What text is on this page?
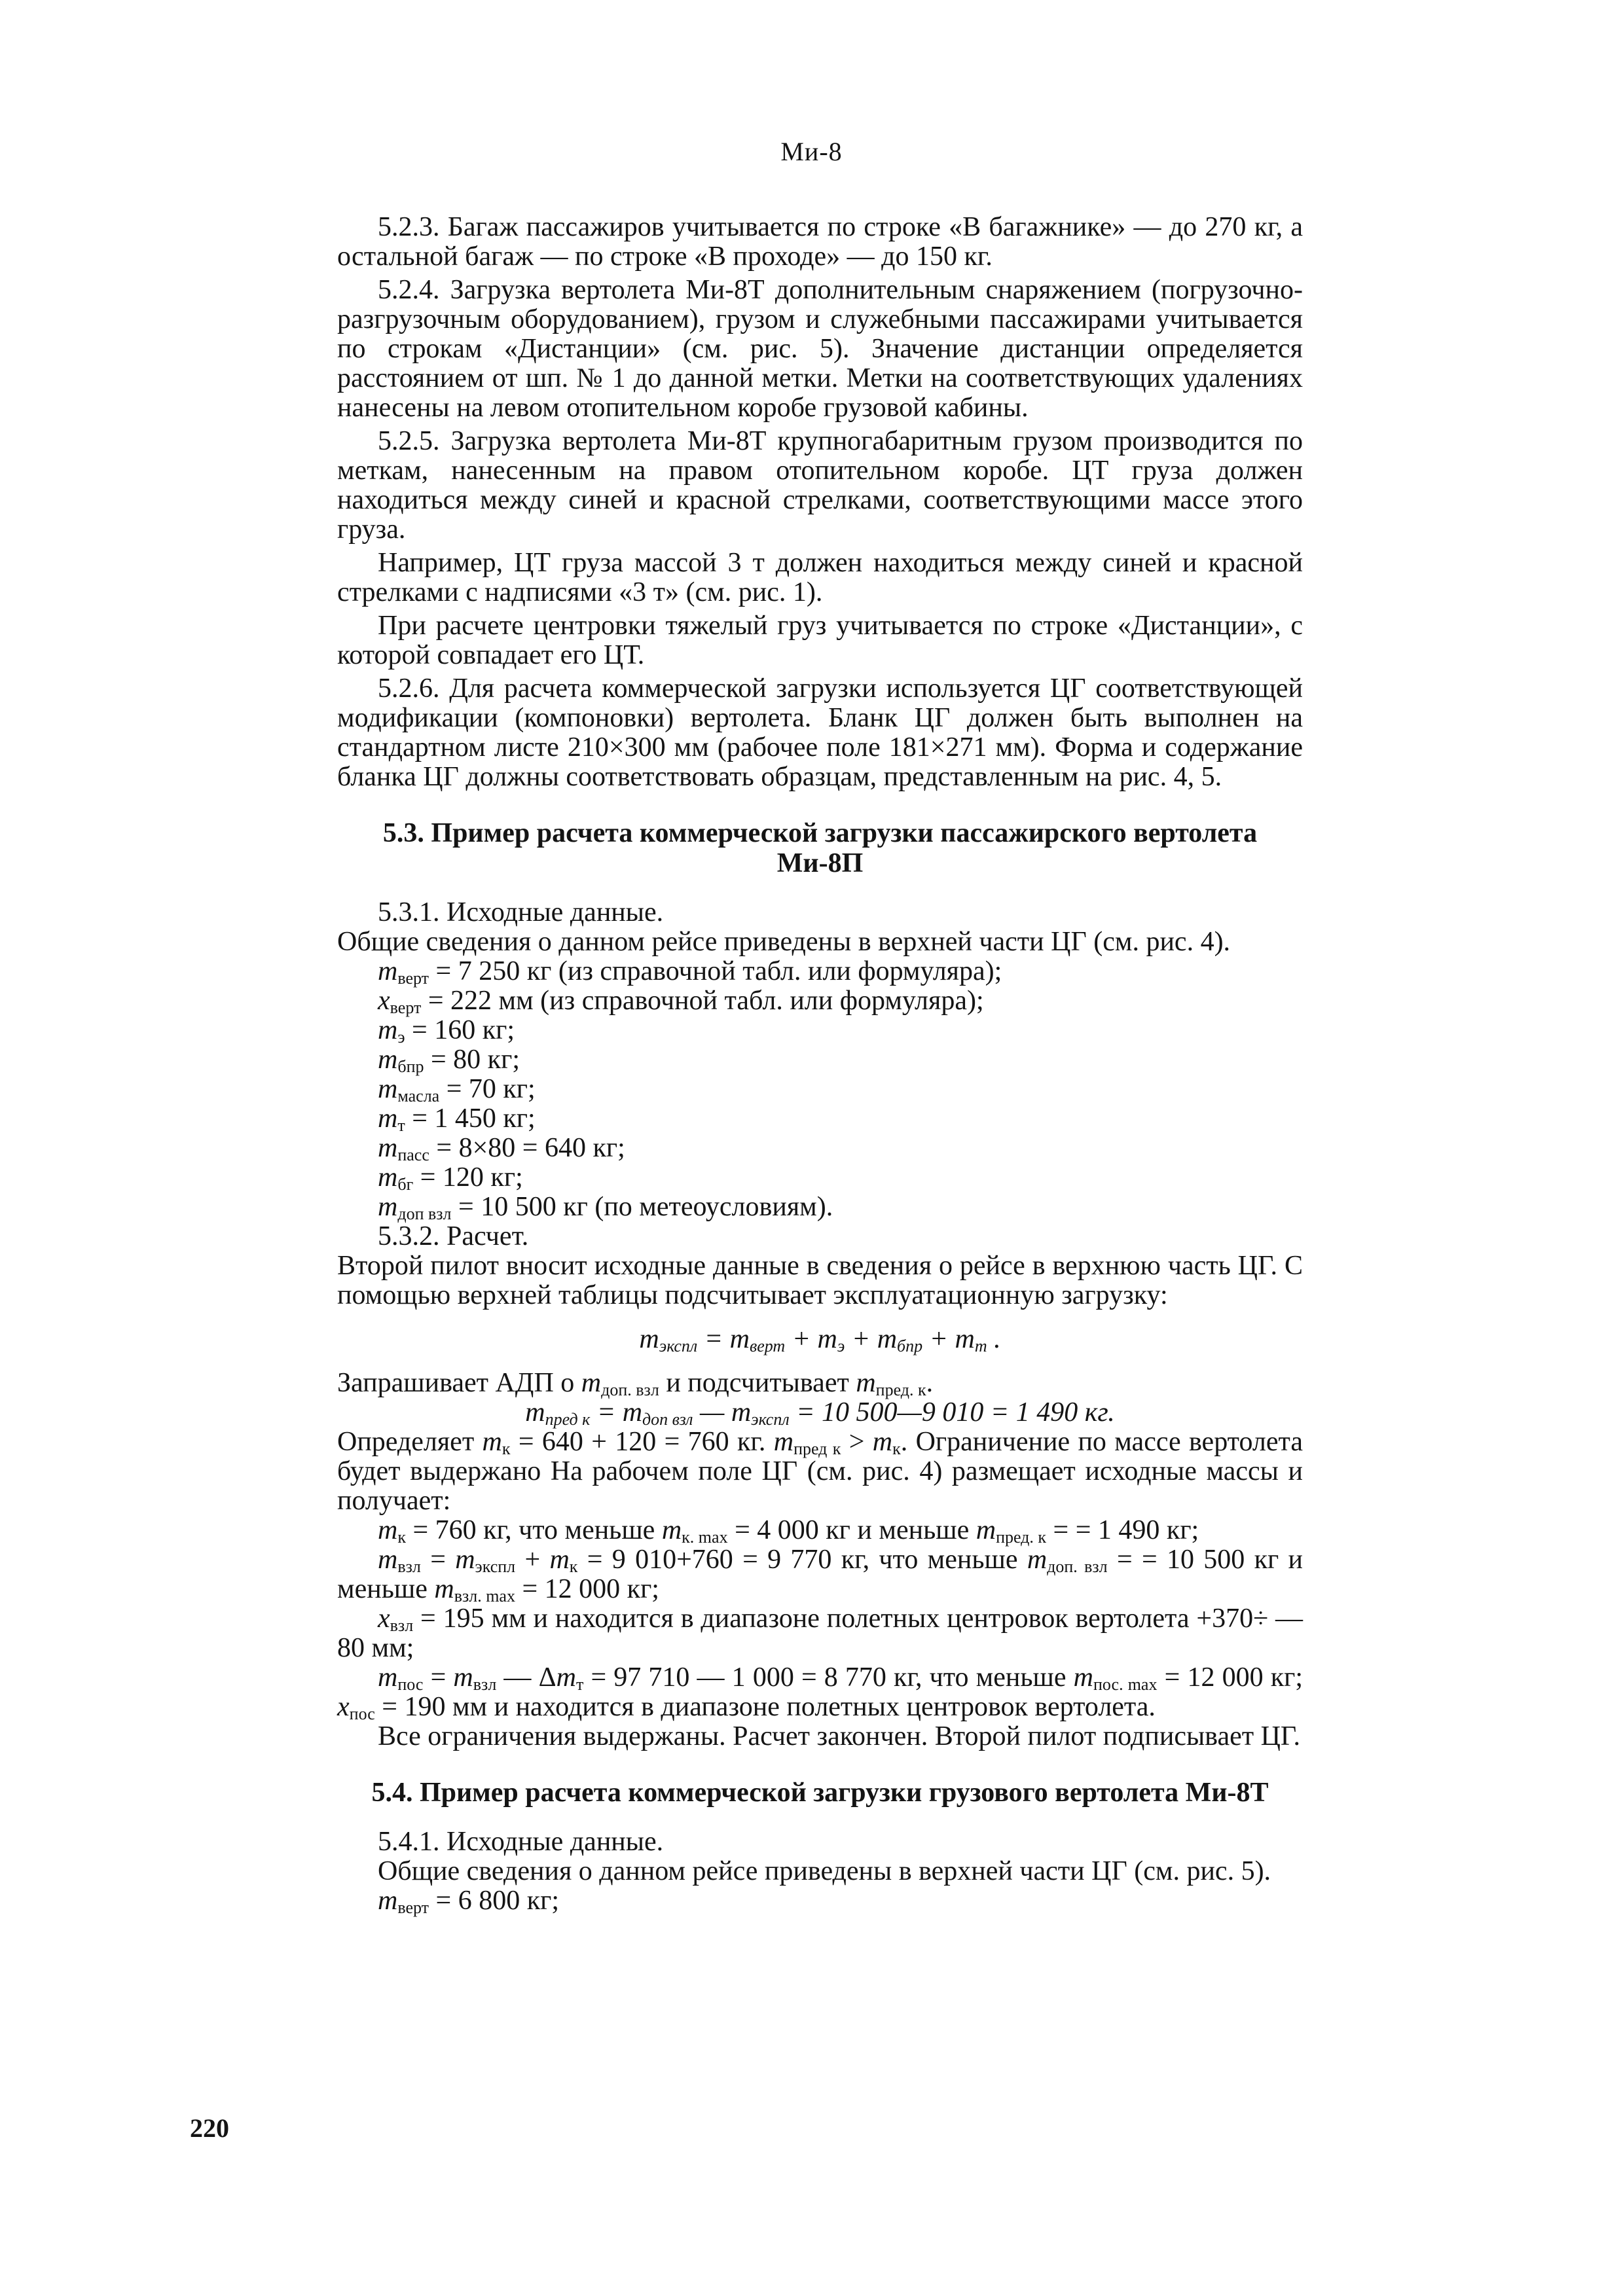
Ми-8

5.2.3. Багаж пассажиров учитывается по строке «В багажнике» — до 270 кг, а остальной багаж — по строке «В проходе» — до 150 кг.

5.2.4. Загрузка вертолета Ми-8Т дополнительным снаряжением (погрузочно-разгрузочным оборудованием), грузом и служебными пассажирами учитывается по строкам «Дистанции» (см. рис. 5). Значение дистанции определяется расстоянием от шп. № 1 до данной метки. Метки на соответствующих удалениях нанесены на левом отопительном коробе грузовой кабины.

5.2.5. Загрузка вертолета Ми-8Т крупногабаритным грузом производится по меткам, нанесенным на правом отопительном коробе. ЦТ груза должен находиться между синей и красной стрелками, соответствующими массе этого груза.

Например, ЦТ груза массой 3 т должен находиться между синей и красной стрелками с надписями «3 т» (см. рис. 1).

При расчете центровки тяжелый груз учитывается по строке «Дистанции», с которой совпадает его ЦТ.

5.2.6. Для расчета коммерческой загрузки используется ЦГ соответствующей модификации (компоновки) вертолета. Бланк ЦГ должен быть выполнен на стандартном листе 210×300 мм (рабочее поле 181×271 мм). Форма и содержание бланка ЦГ должны соответствовать образцам, представленным на рис. 4, 5.

5.3. Пример расчета коммерческой загрузки пассажирского вертолета Ми-8П

5.3.1. Исходные данные.

Общие сведения о данном рейсе приведены в верхней части ЦГ (см. рис. 4).

$m_{верт} = 7$ 250 кг (из справочной табл. или формуляра);

$x_{верт} = 222$ мм (из справочной табл. или формуляра);

$m_э = 160$ кг;

$m_{бпр} = 80$ кг;

$m_{масла} = 70$ кг;

$m_т = 1$ 450 кг;

$m_{пасс} = 8\times 80 = 640$ кг;

$m_{бг} = 120$ кг;

$m_{доп взл} = 10$ 500 кг (по метеоусловиям).

5.3.2. Расчет.

Второй пилот вносит исходные данные в сведения о рейсе в верхнюю часть ЦГ. С помощью верхней таблицы подсчитывает эксплуатационную загрузку:

$m_{экспл} = m_{верт} + m_э + m_{бпр} + m_т$ .

Запрашивает АДП о $m_{доп. взл}$ и подсчитывает $m_{пред. к}$.

$m_{пред к} = m_{доп взл}$ — $m_{экспл} = 10$ 500—9 010 = 1 490 кг.

Определяет $m_к = 640 + 120 = 760$ кг. $m_{пред к} > m_к$. Ограничение по массе вертолета будет выдержано На рабочем поле ЦГ (см. рис. 4) размещает исходные массы и получает:

$m_к = 760$ кг, что меньше $m_{к. max} = 4$ 000 кг и меньше $m_{пред. к}$ = = 1 490 кг;

$m_{взл} = m_{экспл} + m_к = 9$ 010+760 = 9 770 кг, что меньше $m_{доп. взл}$ = = 10 500 кг и меньше $m_{взл. max} = 12$ 000 кг;

$x_{взл} = 195$ мм и находится в диапазоне полетных центровок вертолета +370÷ —80 мм;

$m_{пос} = m_{взл}$ — $\Delta m_т = 97$ 710 — 1 000 = 8 770 кг, что меньше $m_{пос. max} = 12$ 000 кг; $x_{пос} = 190$ мм и находится в диапазоне полетных центровок вертолета.

Все ограничения выдержаны. Расчет закончен. Второй пилот подписывает ЦГ.

5.4. Пример расчета коммерческой загрузки грузового вертолета Ми-8Т

5.4.1. Исходные данные.

Общие сведения о данном рейсе приведены в верхней части ЦГ (см. рис. 5).

$m_{верт} = 6$ 800 кг;

220
